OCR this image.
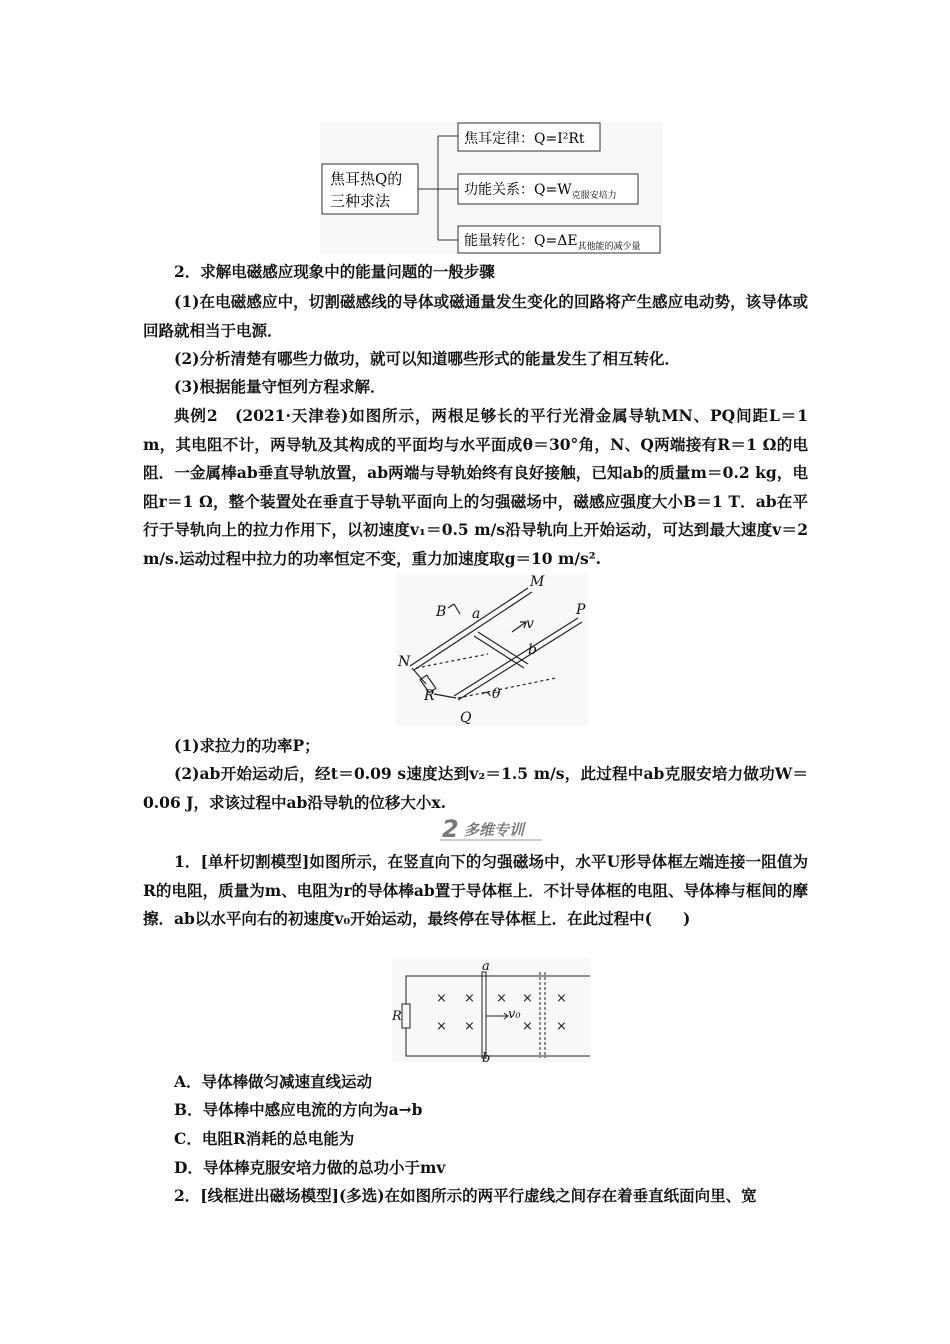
焦耳热Q的
三种求法
焦耳定律：Q=I²Rt
功能关系：$Q=W_{克服安培力}$
能量转化：$Q=\Delta E_{其他能的减少量}$
2．求解电磁感应现象中的能量问题的一般步骤
(1)在电磁感应中，切割磁感线的导体或磁通量发生变化的回路将产生感应电动势，该导体或回路就相当于电源．
(2)分析清楚有哪些力做功，就可以知道哪些形式的能量发生了相互转化．
(3)根据能量守恒列方程求解．
典例2　(2021·天津卷)如图所示，两根足够长的平行光滑金属导轨MN、PQ间距L＝1 m，其电阻不计，两导轨及其构成的平面均与水平面成θ＝30°角，N、Q两端接有R＝1 Ω的电阻．一金属棒ab垂直导轨放置，ab两端与导轨始终有良好接触，已知ab的质量m＝0.2 kg，电阻r＝1 Ω，整个装置处在垂直于导轨平面向上的匀强磁场中，磁感应强度大小B＝1 T．ab在平行于导轨向上的拉力作用下，以初速度v₁＝0.5 m/s沿导轨向上开始运动，可达到最大速度v＝2 m/s.运动过程中拉力的功率恒定不变，重力加速度取g＝10 m/s².
M
P
N
Q
B a
b
v
R	θ
(1)求拉力的功率P；
(2)ab开始运动后，经t＝0.09 s速度达到v₂＝1.5 m/s，此过程中ab克服安培力做功W＝0.06 J，求该过程中ab沿导轨的位移大小x.
2 多维专训
1．[单杆切割模型]如图所示，在竖直向下的匀强磁场中，水平U形导体框左端连接一阻值为R的电阻，质量为m、电阻为r的导体棒ab置于导体框上．不计导体框的电阻、导体棒与框间的摩擦．ab以水平向右的初速度v₀开始运动，最终停在导体框上．在此过程中(　　)
a
b
R	v₀
× × × × ×
× ×	× ×
A．导体棒做匀减速直线运动
B．导体棒中感应电流的方向为a→b
C．电阻R消耗的总电能为
D．导体棒克服安培力做的总功小于mv
2．[线框进出磁场模型](多选)在如图所示的两平行虚线之间存在着垂直纸面向里、宽
